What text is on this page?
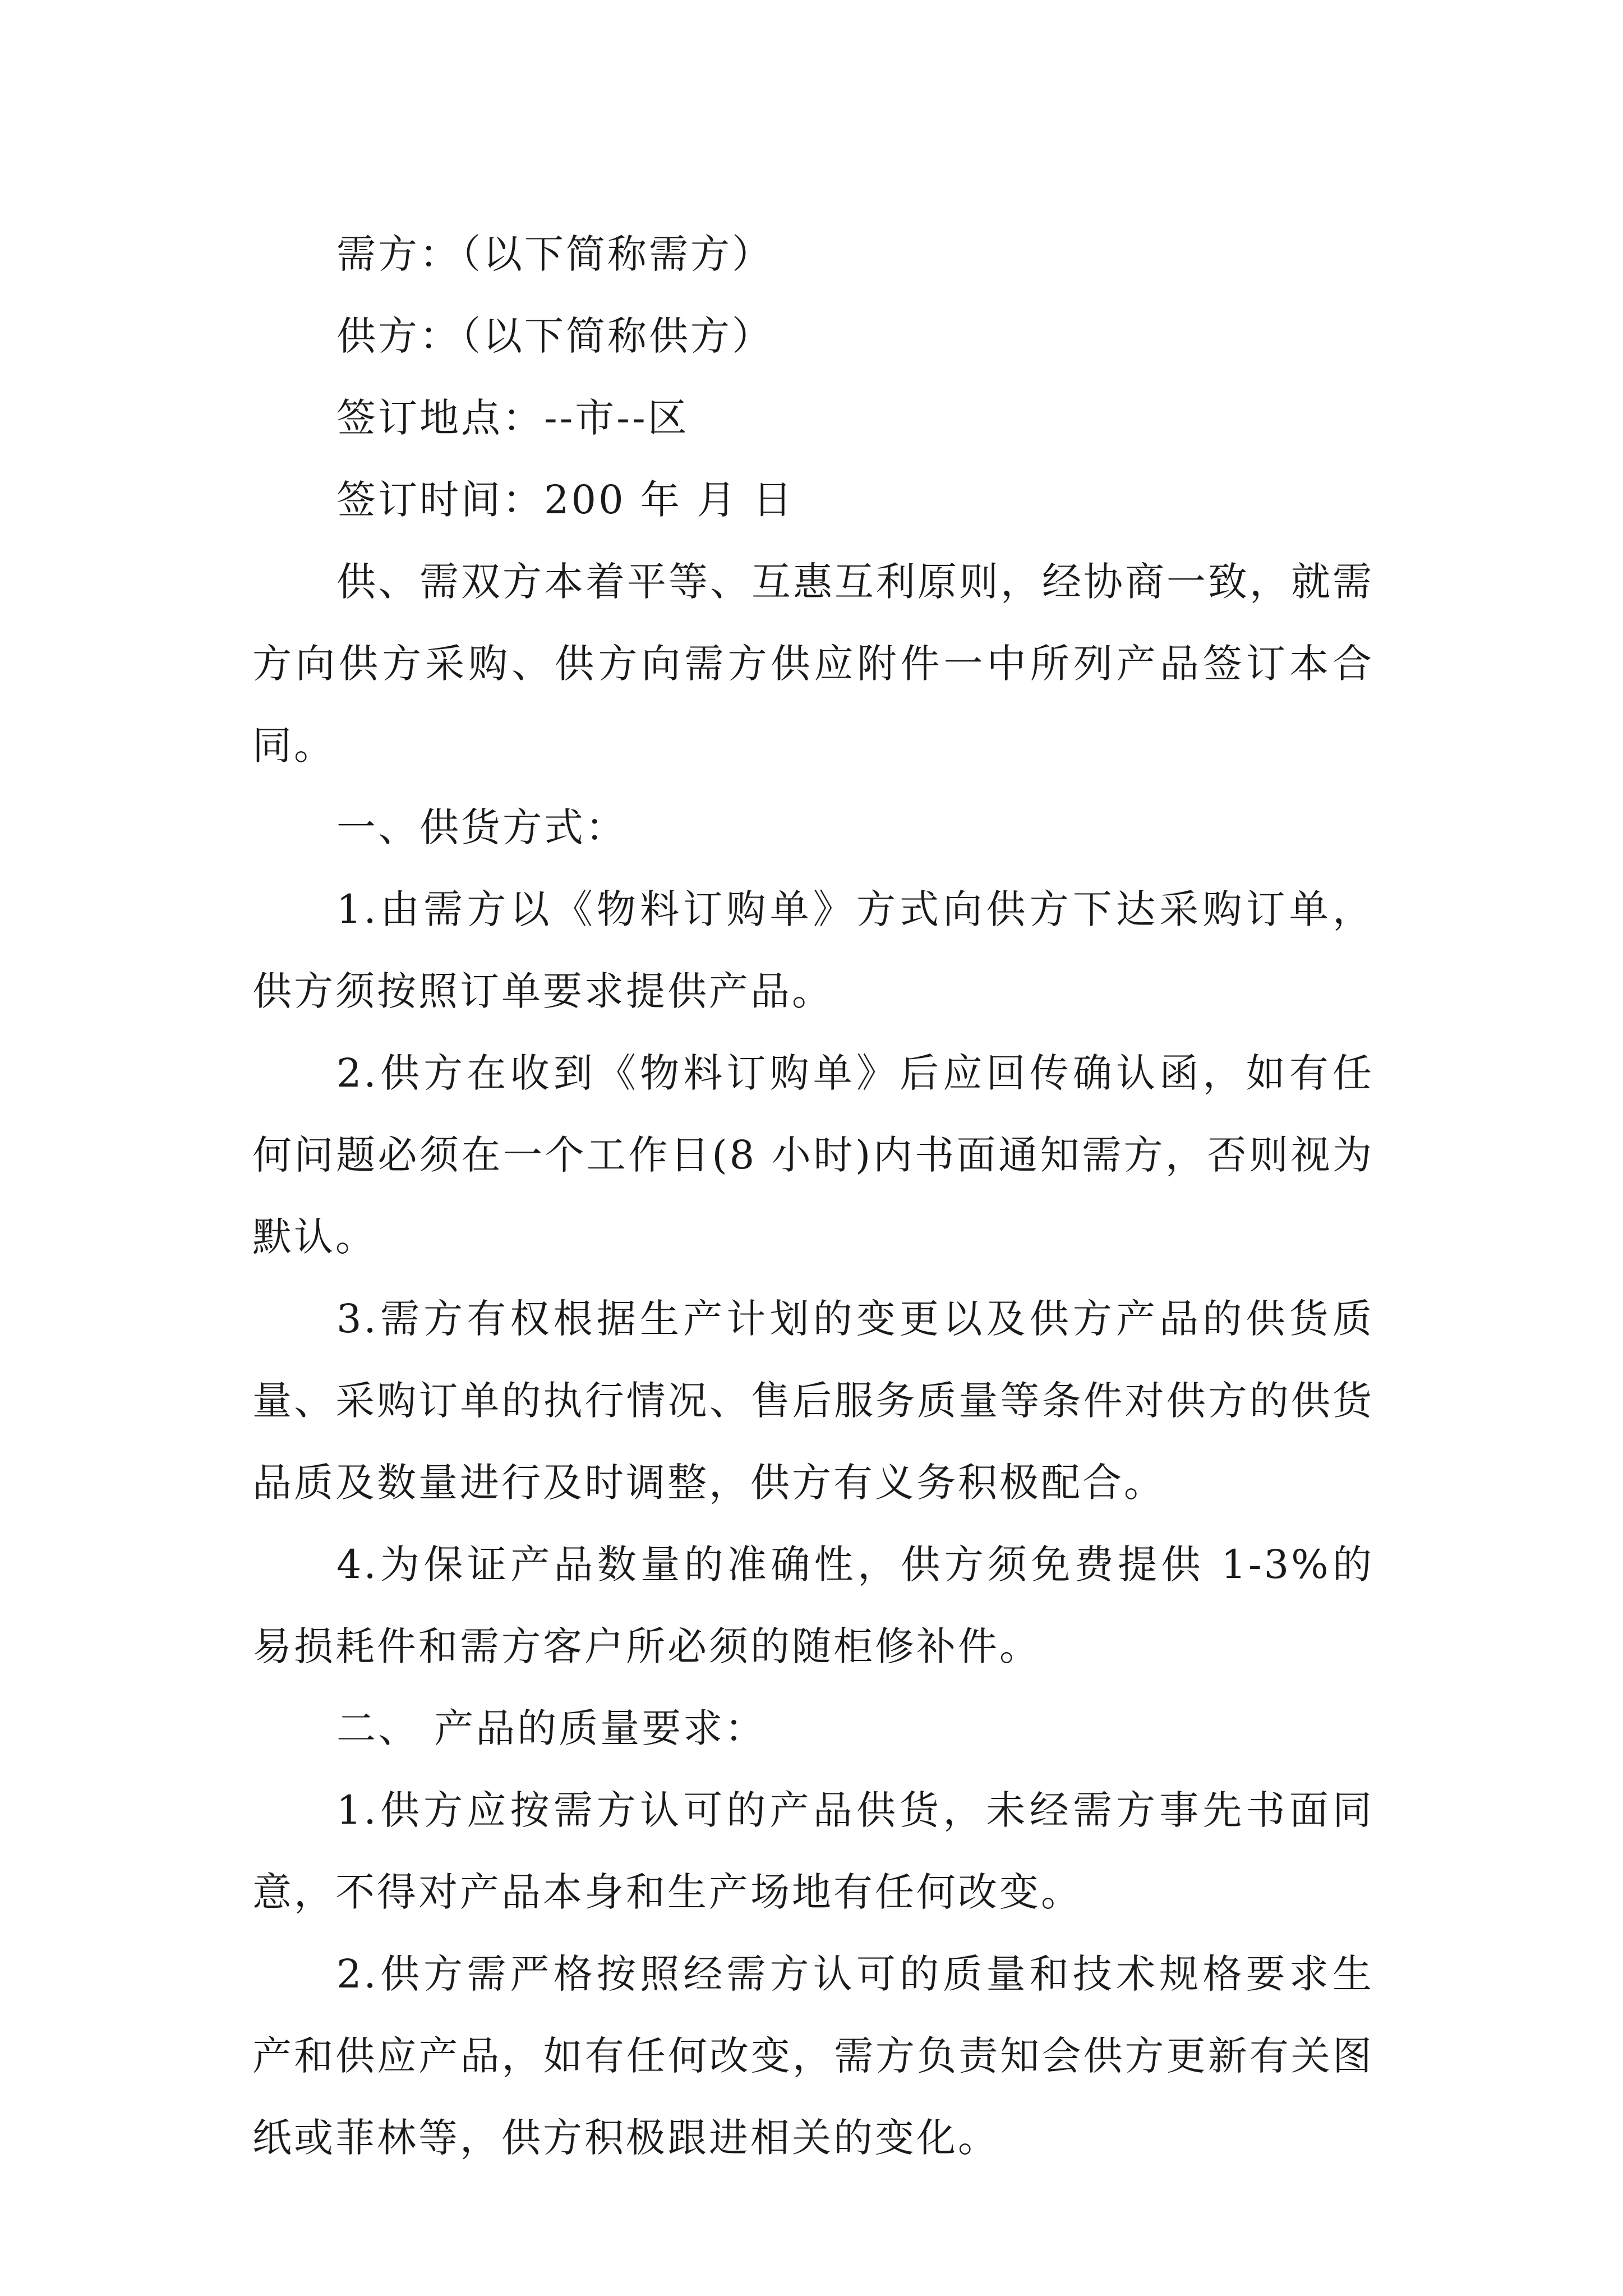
需方：（以下简称需方）

供方：（以下简称供方）

签订地点：--市--区

签订时间：200 年 月 日

供、需双方本着平等、互惠互利原则，经协商一致，就需方向供方采购、供方向需方供应附件一中所列产品签订本合同。

一、供货方式：

1.由需方以《物料订购单》方式向供方下达采购订单，供方须按照订单要求提供产品。

2.供方在收到《物料订购单》后应回传确认函，如有任何问题必须在一个工作日(8 小时)内书面通知需方，否则视为默认。

3.需方有权根据生产计划的变更以及供方产品的供货质量、采购订单的执行情况、售后服务质量等条件对供方的供货品质及数量进行及时调整，供方有义务积极配合。

4.为保证产品数量的准确性，供方须免费提供 1-3%的易损耗件和需方客户所必须的随柜修补件。

二、 产品的质量要求：

1.供方应按需方认可的产品供货，未经需方事先书面同意，不得对产品本身和生产场地有任何改变。

2.供方需严格按照经需方认可的质量和技术规格要求生产和供应产品，如有任何改变，需方负责知会供方更新有关图纸或菲林等，供方积极跟进相关的变化。
